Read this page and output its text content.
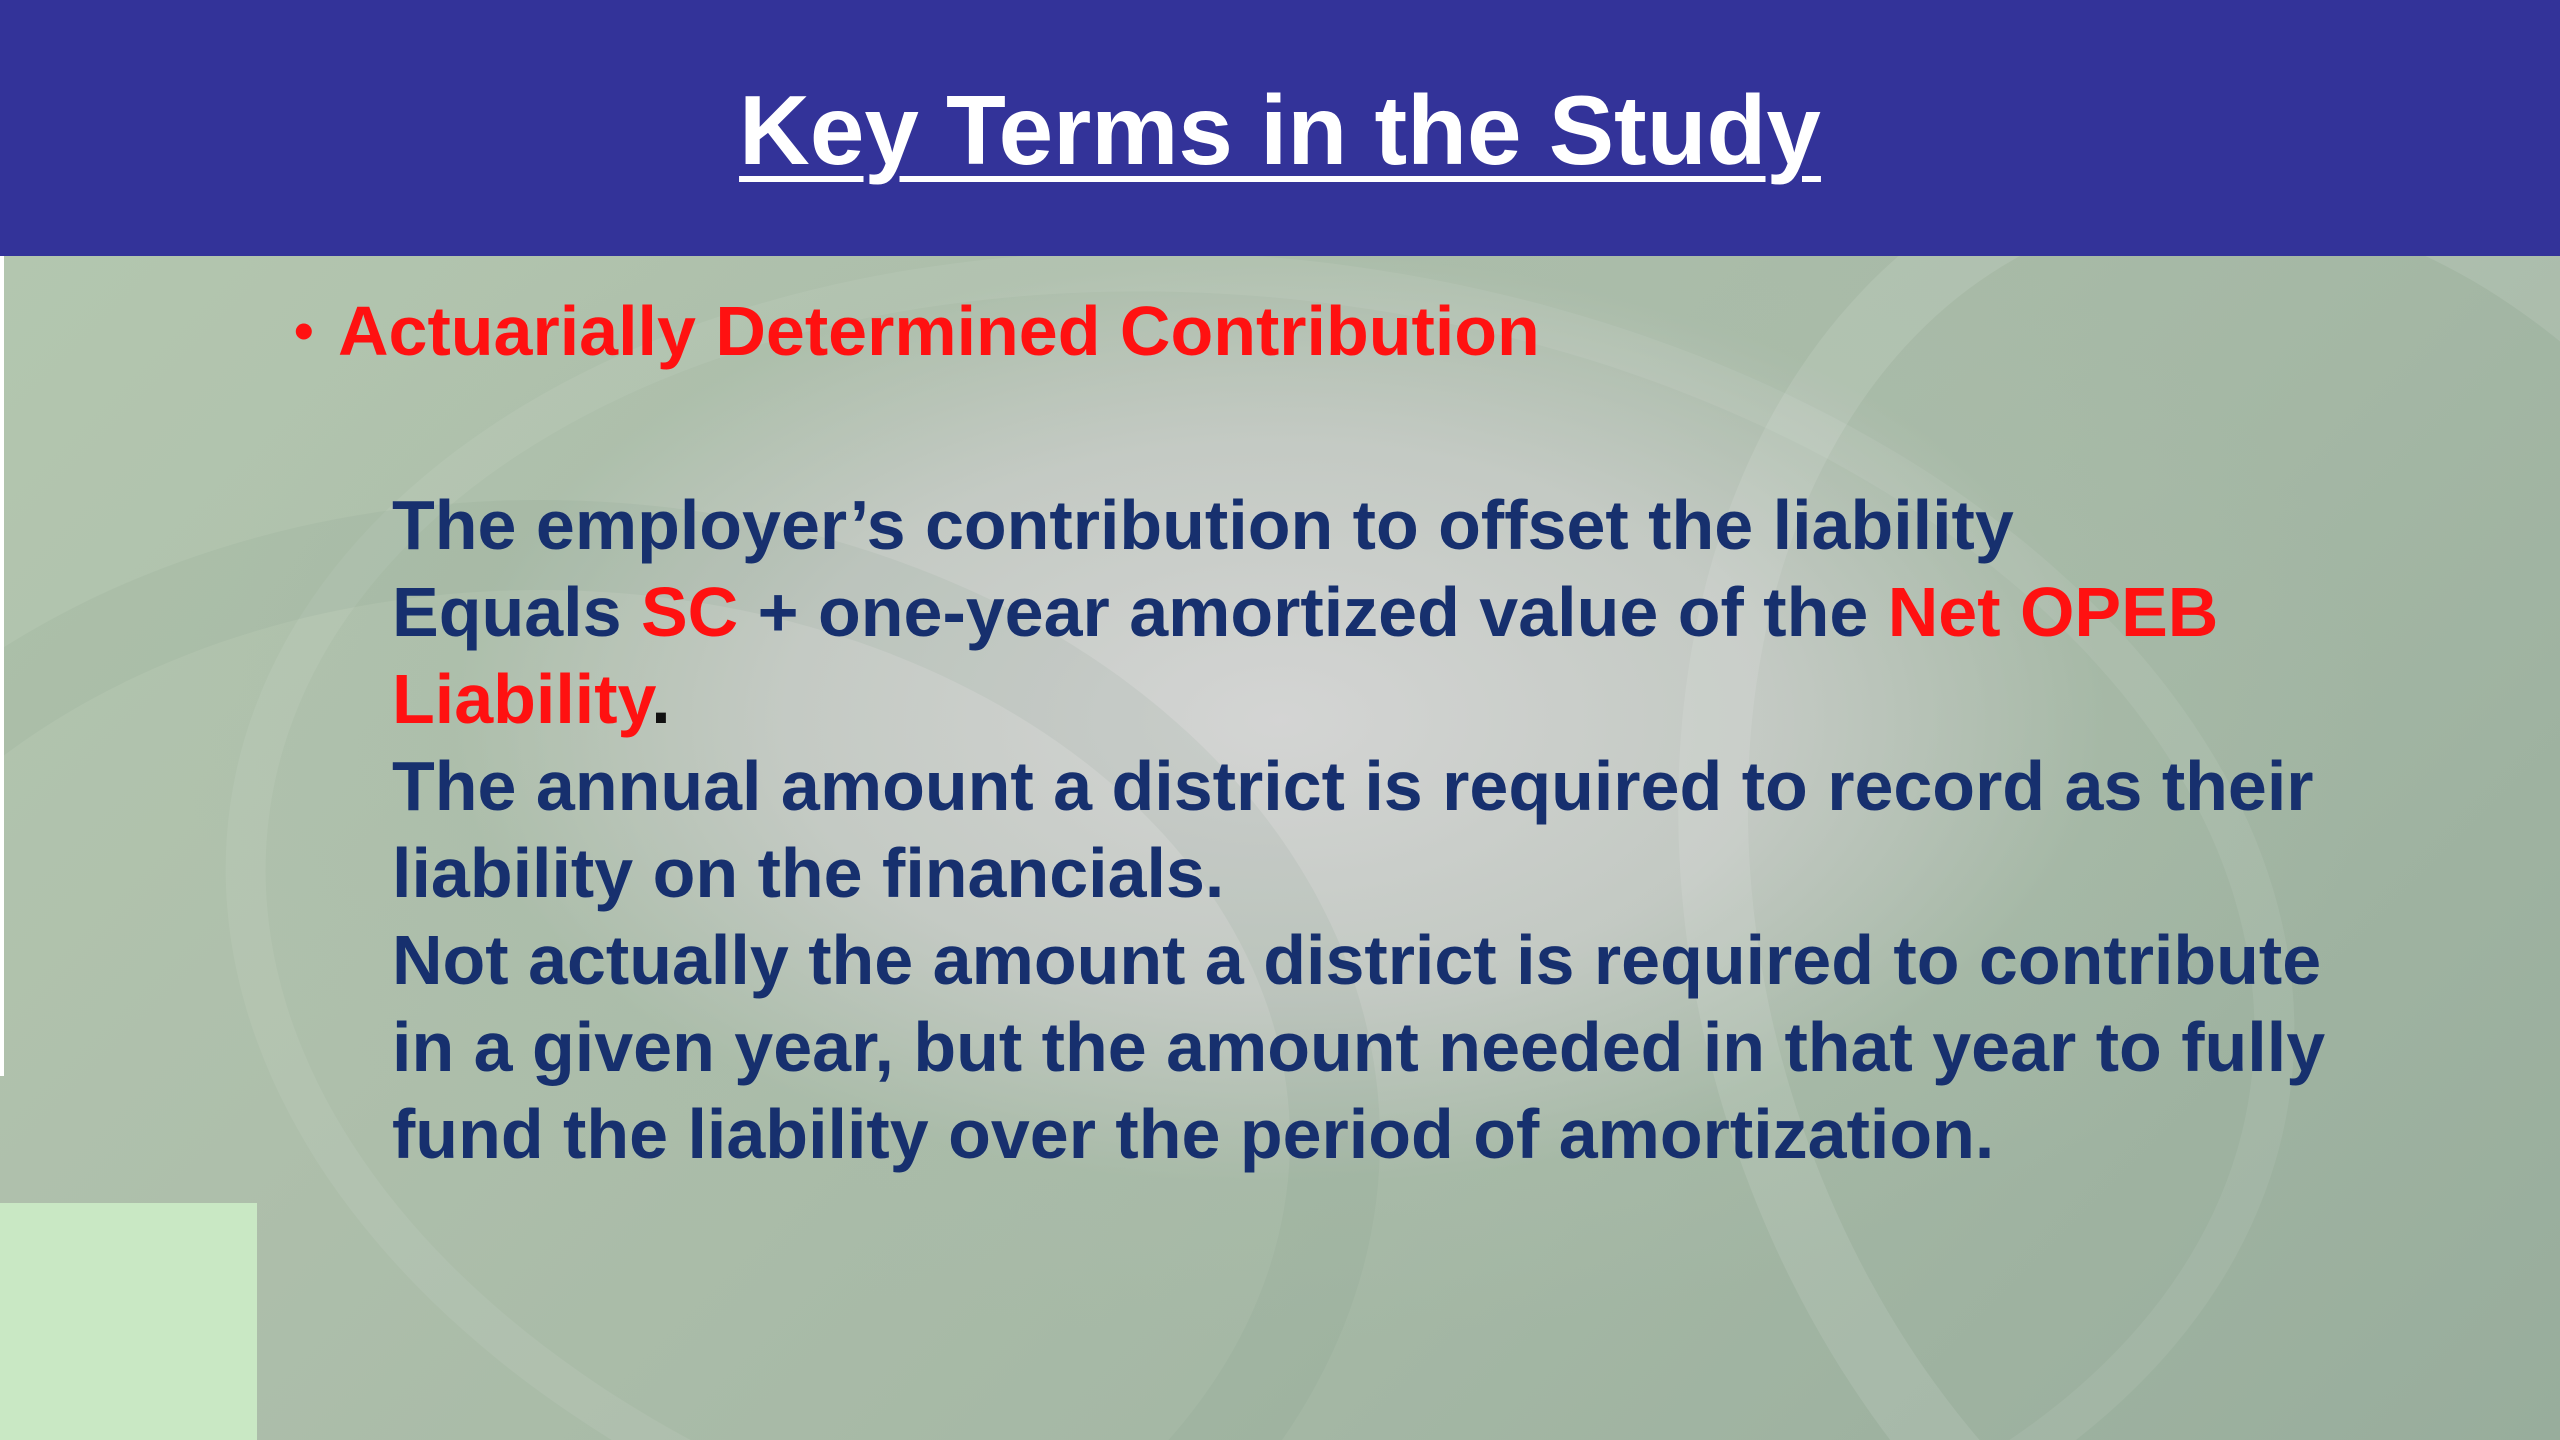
Key Terms in the Study
• Actuarially Determined Contribution

The employer’s contribution to offset the liability

Equals SC + one-year amortized value of the Net OPEB Liability.

The annual amount a district is required to record as their liability on the financials.

Not actually the amount a district is required to contribute in a given year, but the amount needed in that year to fully fund the liability over the period of amortization.
